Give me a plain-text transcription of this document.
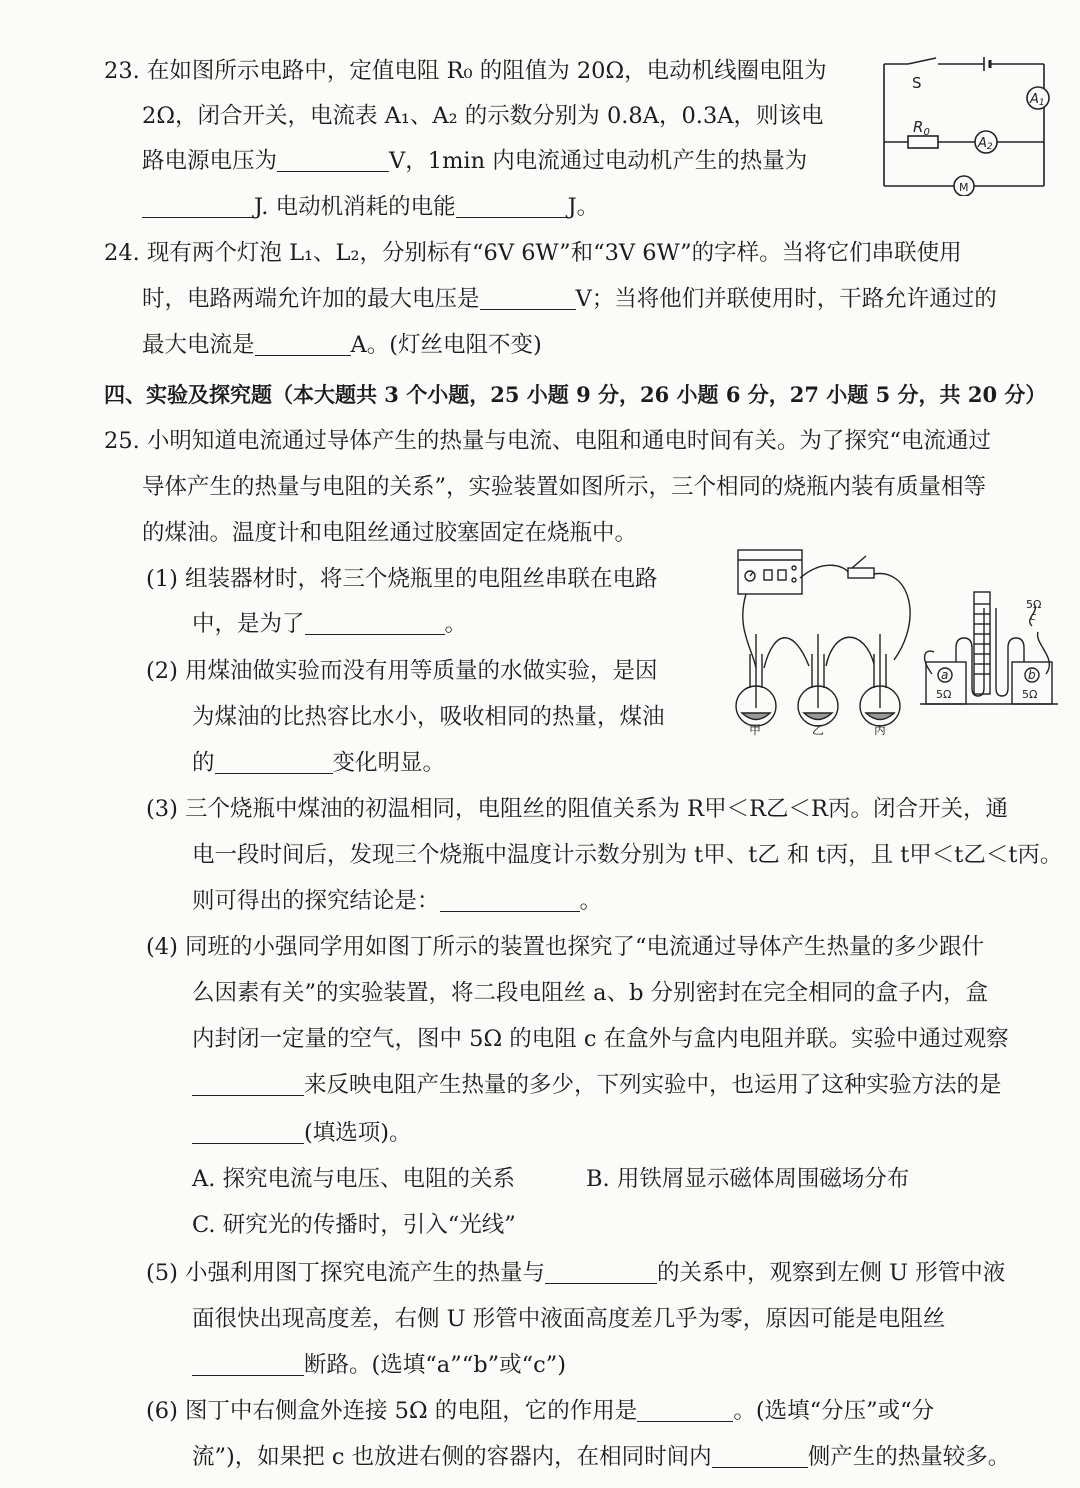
23. 在如图所示电路中，定值电阻 R₀ 的阻值为 20Ω，电动机线圈电阻为
2Ω，闭合开关，电流表 A₁、A₂ 的示数分别为 0.8A，0.3A，则该电
路电源电压为	V，1min 内电流通过电动机产生的热量为
J. 电动机消耗的电能	J。
S
$R_0$
A2
A1
M
24. 现有两个灯泡 L₁、L₂，分别标有“6V 6W”和“3V 6W”的字样。当将它们串联使用
时，电路两端允许加的最大电压是	V；当将他们并联使用时，干路允许通过的
最大电流是	A。(灯丝电阻不变)
四、实验及探究题（本大题共 3 个小题，25 小题 9 分，26 小题 6 分，27 小题 5 分，共 20 分）
25. 小明知道电流通过导体产生的热量与电流、电阻和通电时间有关。为了探究“电流通过
导体产生的热量与电阻的关系”，实验装置如图所示，三个相同的烧瓶内装有质量相等
的煤油。温度计和电阻丝通过胶塞固定在烧瓶中。
(1) 组装器材时，将三个烧瓶里的电阻丝串联在电路
中，是为了	。
(2) 用煤油做实验而没有用等质量的水做实验，是因
为煤油的比热容比水小，吸收相同的热量，煤油
的	变化明显。
甲	乙	丙
a	b
5Ω	5Ω
5Ω
c
(3) 三个烧瓶中煤油的初温相同，电阻丝的阻值关系为 R甲＜R乙＜R丙。闭合开关，通
电一段时间后，发现三个烧瓶中温度计示数分别为 t甲、t乙 和 t丙，且 t甲＜t乙＜t丙。
则可得出的探究结论是：	。
(4) 同班的小强同学用如图丁所示的装置也探究了“电流通过导体产生热量的多少跟什
么因素有关”的实验装置，将二段电阻丝 a、b 分别密封在完全相同的盒子内，盒
内封闭一定量的空气，图中 5Ω 的电阻 c 在盒外与盒内电阻并联。实验中通过观察
来反映电阻产生热量的多少，下列实验中，也运用了这种实验方法的是
(填选项)。
A. 探究电流与电压、电阻的关系	B. 用铁屑显示磁体周围磁场分布
C. 研究光的传播时，引入“光线”
(5) 小强利用图丁探究电流产生的热量与	的关系中，观察到左侧 U 形管中液
面很快出现高度差，右侧 U 形管中液面高度差几乎为零，原因可能是电阻丝
断路。(选填“a”“b”或“c”)
(6) 图丁中右侧盒外连接 5Ω 的电阻，它的作用是	。(选填“分压”或“分
流”)，如果把 c 也放进右侧的容器内，在相同时间内	侧产生的热量较多。
